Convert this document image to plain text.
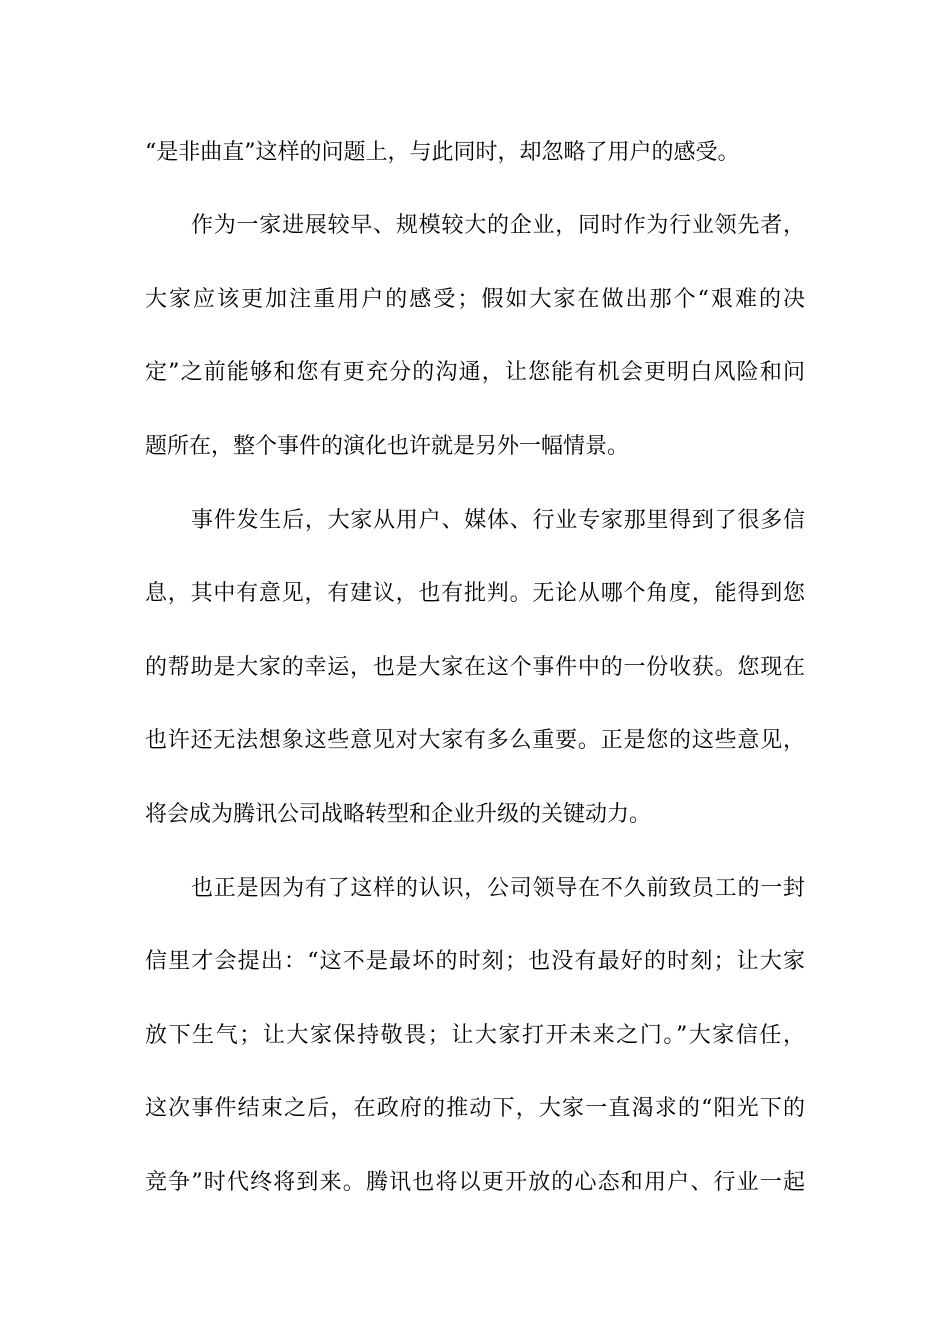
“是非曲直”这样的问题上，与此同时，却忽略了用户的感受。
作为一家进展较早、规模较大的企业，同时作为行业领先者，
大家应该更加注重用户的感受；假如大家在做出那个“艰难的决
定”之前能够和您有更充分的沟通，让您能有机会更明白风险和问
题所在，整个事件的演化也许就是另外一幅情景。
事件发生后，大家从用户、媒体、行业专家那里得到了很多信
息，其中有意见，有建议，也有批判。无论从哪个角度，能得到您
的帮助是大家的幸运，也是大家在这个事件中的一份收获。您现在
也许还无法想象这些意见对大家有多么重要。正是您的这些意见，
将会成为腾讯公司战略转型和企业升级的关键动力。
也正是因为有了这样的认识，公司领导在不久前致员工的一封
信里才会提出：“这不是最坏的时刻；也没有最好的时刻；让大家
放下生气；让大家保持敬畏；让大家打开未来之门。”大家信任，
这次事件结束之后，在政府的推动下，大家一直渴求的“阳光下的
竞争”时代终将到来。腾讯也将以更开放的心态和用户、行业一起
